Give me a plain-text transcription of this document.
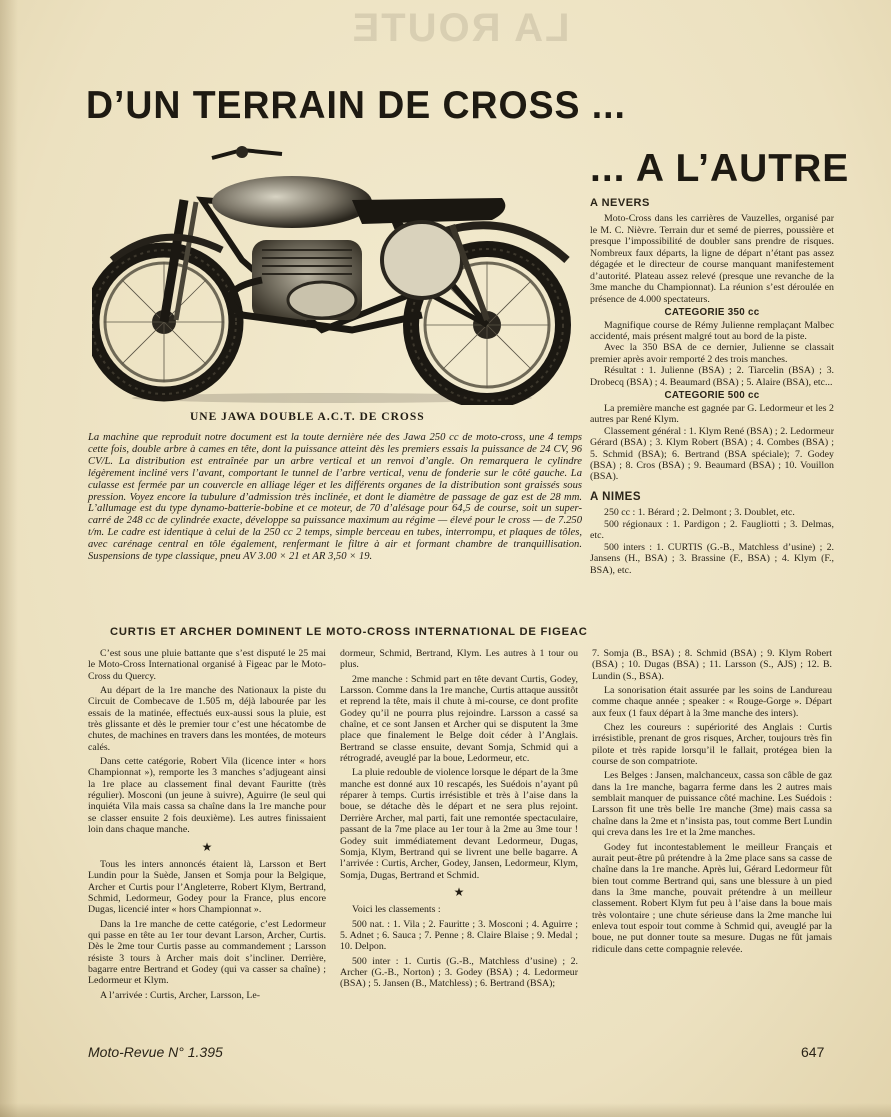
LA ROUTE
D’UN TERRAIN DE CROSS ...
... A L’AUTRE

UNE JAWA DOUBLE A.C.T. DE CROSS

La machine que reproduit notre document est la toute dernière née des Jawa 250 cc de moto-cross, une 4 temps cette fois, double arbre à cames en tête, dont la puissance atteint dès les premiers essais la puissance de 24 CV, 96 CV/L. La distribution est entraînée par un arbre vertical et un renvoi d’angle. On remarquera le cylindre légèrement incliné vers l’avant, comportant le tunnel de l’arbre vertical, venu de fonderie sur le côté gauche. La culasse est fermée par un couvercle en alliage léger et les différents organes de la distribution sont graissés sous pression. Voyez encore la tubulure d’admission très inclinée, et dont le diamètre de passage de gaz est de 28 mm. L’allumage est du type dynamo-batterie-bobine et ce moteur, de 70 d’alésage pour 64,5 de course, soit un super-carré de 248 cc de cylindrée exacte, développe sa puissance maximum au régime — élevé pour le cross — de 7.250 t/m. Le cadre est identique à celui de la 250 cc 2 temps, simple berceau en tubes, interrompu, et plaques de tôles, avec carénage central en tôle également, renfermant le filtre à air et formant chambre de tranquillisation. Suspensions de type classique, pneu AV 3.00 × 21 et AR 3,50 × 19.

A NEVERS

Moto-Cross dans les carrières de Vauzelles, organisé par le M. C. Nièvre. Terrain dur et semé de pierres, poussière et presque l’impossibilité de doubler sans prendre de risques. Nombreux faux départs, la ligne de départ n’étant pas assez dégagée et le directeur de course manquant manifestement d’autorité. Plateau assez relevé (presque une revanche de la 3me manche du Championnat). La réunion s’est déroulée en présence de 4.000 spectateurs.

CATEGORIE 350 cc

Magnifique course de Rémy Julienne remplaçant Malbec accidenté, mais présent malgré tout au bord de la piste.

Avec la 350 BSA de ce dernier, Julienne se classait premier après avoir remporté 2 des trois manches.

Résultat : 1. Julienne (BSA) ; 2. Tiarcelin (BSA) ; 3. Drobecq (BSA) ; 4. Beaumard (BSA) ; 5. Alaire (BSA), etc...

CATEGORIE 500 cc

La première manche est gagnée par G. Ledormeur et les 2 autres par René Klym.

Classement général : 1. Klym René (BSA) ; 2. Ledormeur Gérard (BSA) ; 3. Klym Robert (BSA) ; 4. Combes (BSA) ; 5. Schmid (BSA); 6. Bertrand (BSA spéciale); 7. Godey (BSA) ; 8. Cros (BSA) ; 9. Beaumard (BSA) ; 10. Vouillon (BSA).

A NIMES

250 cc : 1. Bérard ; 2. Delmont ; 3. Doublet, etc.

500 régionaux : 1. Pardigon ; 2. Faugliotti ; 3. Delmas, etc.

500 inters : 1. CURTIS (G.-B., Matchless d’usine) ; 2. Jansens (H., BSA) ; 3. Brassine (F., BSA) ; 4. Klym (F., BSA), etc.

CURTIS ET ARCHER DOMINENT LE MOTO-CROSS INTERNATIONAL DE FIGEAC

C’est sous une pluie battante que s’est disputé le 25 mai le Moto-Cross International organisé à Figeac par le Moto-Cross du Quercy.

Au départ de la 1re manche des Nationaux la piste du Circuit de Combecave de 1.505 m, déjà labourée par les essais de la matinée, effectués eux-aussi sous la pluie, est très glissante et dès le premier tour c’est une hécatombe de chutes, de machines en travers dans les montées, de moteurs calés.

Dans cette catégorie, Robert Vila (licence inter « hors Championnat »), remporte les 3 manches s’adjugeant ainsi la 1re place au classement final devant Fauritte (très régulier). Mosconi (un jeune à suivre), Aguirre (le seul qui inquiéta Vila mais cassa sa chaîne dans la 1re manche pour se classer ensuite 2 fois deuxième). Les autres finissaient loin dans chaque manche.

★

Tous les inters annoncés étaient là, Larsson et Bert Lundin pour la Suède, Jansen et Somja pour la Belgique, Archer et Curtis pour l’Angleterre, Robert Klym, Bertrand, Schmid, Ledormeur, Godey pour la France, plus encore Dugas, licencié inter « hors Championnat ».

Dans la 1re manche de cette catégorie, c’est Ledormeur qui passe en tête au 1er tour devant Larson, Archer, Curtis. Dès le 2me tour Curtis passe au commandement ; Larsson résiste 3 tours à Archer mais doit s’incliner. Derrière, bagarre entre Bertrand et Godey (qui va casser sa chaîne) ; Ledormeur et Klym.

A l’arrivée : Curtis, Archer, Larsson, Le-

dormeur, Schmid, Bertrand, Klym. Les autres à 1 tour ou plus.

2me manche : Schmid part en tête devant Curtis, Godey, Larsson. Comme dans la 1re manche, Curtis attaque aussitôt et reprend la tête, mais il chute à mi-course, ce dont profite Godey qu’il ne pourra plus rejoindre. Larsson a cassé sa chaîne, et ce sont Jansen et Archer qui se disputent la 3me place que finalement le Belge doit céder à l’Anglais. Bertrand se classe ensuite, devant Somja, Schmid qui a rétrogradé, aveuglé par la boue, Ledormeur, etc.

La pluie redouble de violence lorsque le départ de la 3me manche est donné aux 10 rescapés, les Suédois n’ayant pû réparer à temps. Curtis irrésistible et très à l’aise dans la boue, se détache dès le départ et ne sera plus rejoint. Derrière Archer, mal parti, fait une remontée spectaculaire, passant de la 7me place au 1er tour à la 2me au 3me tour ! Godey suit immédiatement devant Ledormeur, Dugas, Somja, Klym, Bertrand qui se livrent une belle bagarre. A l’arrivée : Curtis, Archer, Godey, Jansen, Ledormeur, Klym, Somja, Dugas, Bertrand et Schmid.

★

Voici les classements :

500 nat. : 1. Vila ; 2. Fauritte ; 3. Mosconi ; 4. Aguirre ; 5. Adnet ; 6. Sauca ; 7. Penne ; 8. Claire Blaise ; 9. Medal ; 10. Delpon.

500 inter : 1. Curtis (G.-B., Matchless d’usine) ; 2. Archer (G.-B., Norton) ; 3. Godey (BSA) ; 4. Ledormeur (BSA) ; 5. Jansen (B., Matchless) ; 6. Bertrand (BSA);

7. Somja (B., BSA) ; 8. Schmid (BSA) ; 9. Klym Robert (BSA) ; 10. Dugas (BSA) ; 11. Larsson (S., AJS) ; 12. B. Lundin (S., BSA).

La sonorisation était assurée par les soins de Landureau comme chaque année ; speaker : « Rouge-Gorge ». Départ aux feux (1 faux départ à la 3me manche des inters).

Chez les coureurs : supériorité des Anglais : Curtis irrésistible, prenant de gros risques, Archer, toujours très fin pilote et très rapide lorsqu’il le fallait, protégea bien la course de son compatriote.

Les Belges : Jansen, malchanceux, cassa son câble de gaz dans la 1re manche, bagarra ferme dans les 2 autres mais semblait manquer de puissance côté machine. Les Suédois : Larsson fit une très belle 1re manche (3me) mais cassa sa chaîne dans la 2me et n’insista pas, tout comme Bert Lundin qui creva dans les 1re et la 2me manches.

Godey fut incontestablement le meilleur Français et aurait peut-être pû prétendre à la 2me place sans sa casse de chaîne dans la 1re manche. Après lui, Gérard Ledormeur fût bien tout comme Bertrand qui, sans une blessure à un pied dans la 3me manche, pouvait prétendre à un meilleur classement. Robert Klym fut peu à l’aise dans la boue mais très volontaire ; une chute sérieuse dans la 2me manche lui enleva tout espoir tout comme à Schmid qui, aveuglé par la boue, ne put donner toute sa mesure. Dugas ne fût jamais ridicule dans cette compagnie relevée.

Moto-Revue N° 1.395	647
